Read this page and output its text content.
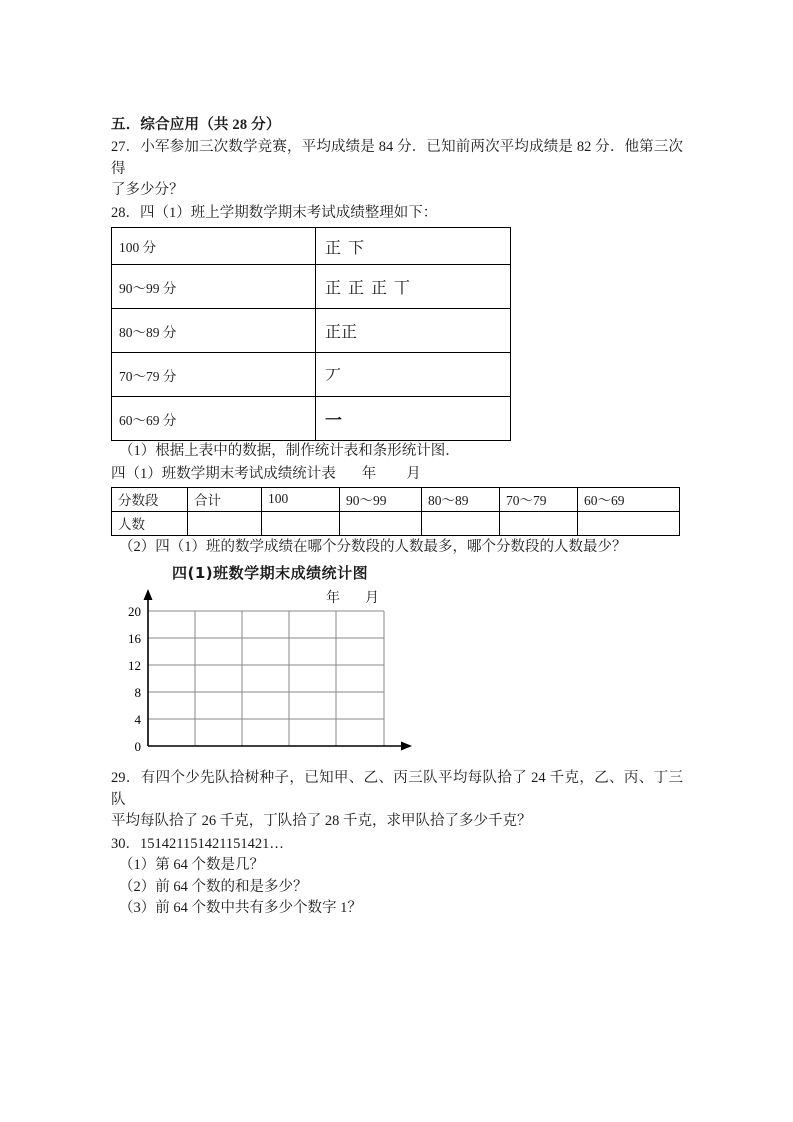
五．综合应用（共 28 分）

27．小军参加三次数学竞赛，平均成绩是 84 分．已知前两次平均成绩是 82 分．他第三次得

了多少分？

28．四（1）班上学期数学期末考试成绩整理如下：

100 分	正 下
90～99 分	正 正 正 丅
80～89 分	正正
70～79 分	丆
60～69 分	一

（1）根据上表中的数据，制作统计表和条形统计图．

四（1）班数学期末考试成绩统计表 年 月
分数段	合计	100	90～99	80～89	70～79	60～69
人数						

（2）四（1）班的数学成绩在哪个分数段的人数最多，哪个分数段的人数最少？

四(1)班数学期末成绩统计图
年 月
20
16
12
8
4
0

29．有四个少先队拾树种子，已知甲、乙、丙三队平均每队拾了 24 千克，乙、丙、丁三队

平均每队拾了 26 千克，丁队拾了 28 千克，求甲队拾了多少千克？

30．151421151421151421…

（1）第 64 个数是几？

（2）前 64 个数的和是多少？

（3）前 64 个数中共有多少个数字 1？
